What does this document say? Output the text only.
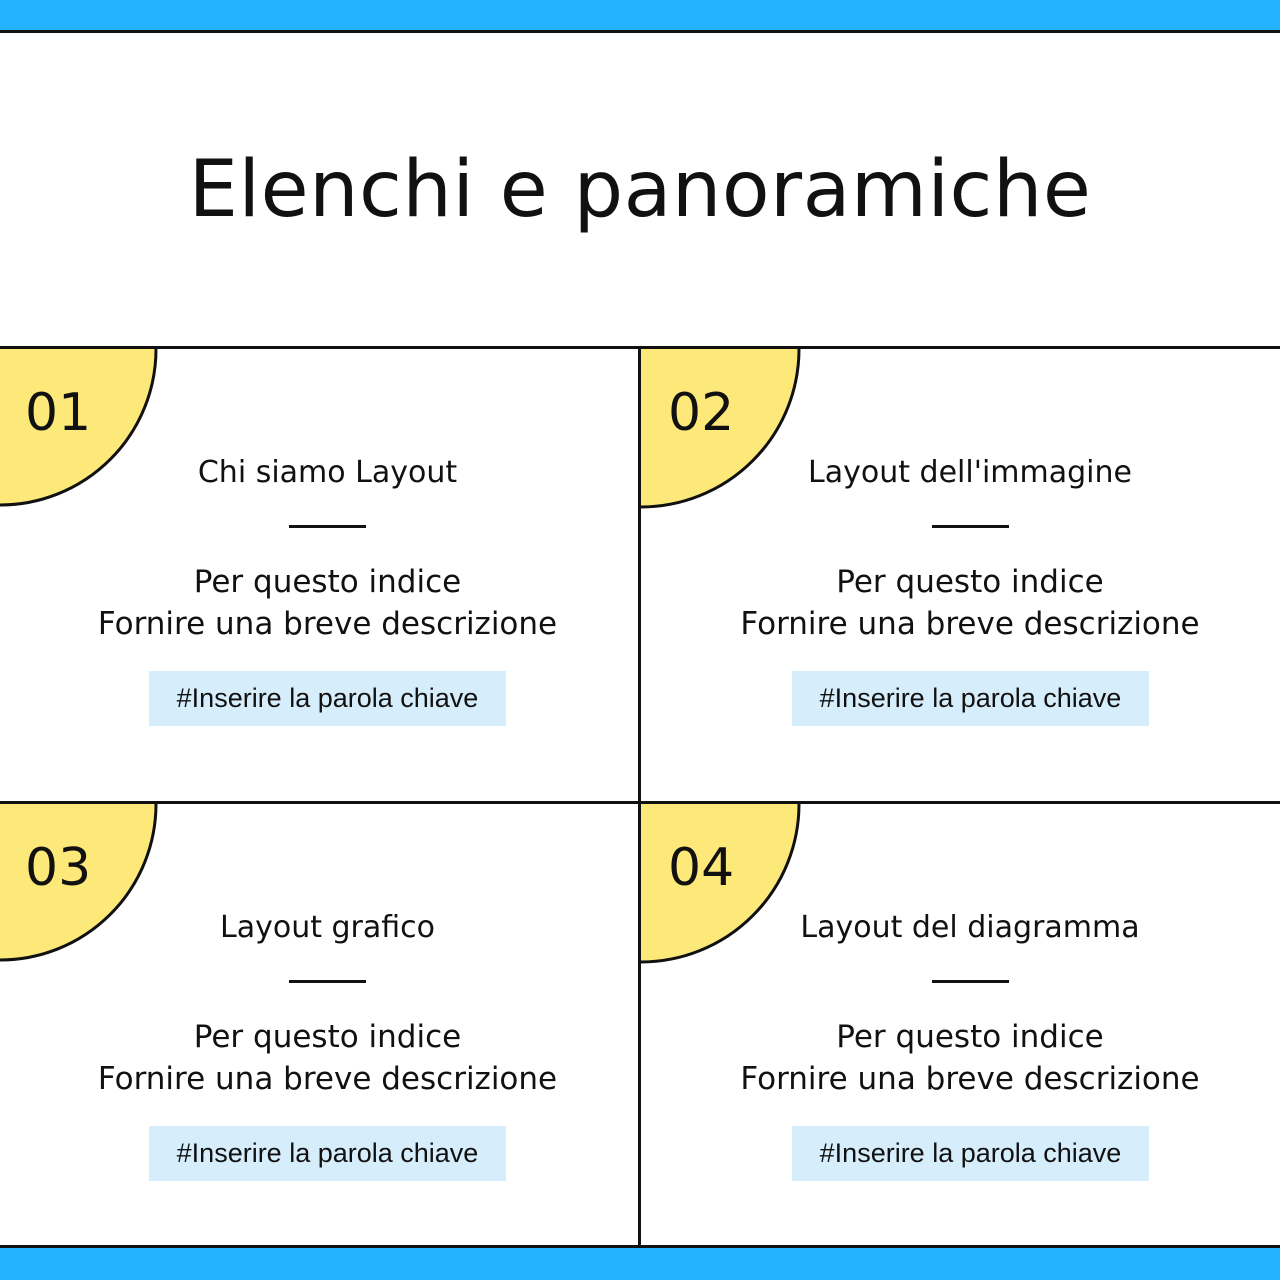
Elenchi e panoramiche
01
Chi siamo Layout
Per questo indice
Fornire una breve descrizione
#Inserire la parola chiave
02
Layout dell'immagine
Per questo indice
Fornire una breve descrizione
#Inserire la parola chiave
03
Layout grafico
Per questo indice
Fornire una breve descrizione
#Inserire la parola chiave
04
Layout del diagramma
Per questo indice
Fornire una breve descrizione
#Inserire la parola chiave
